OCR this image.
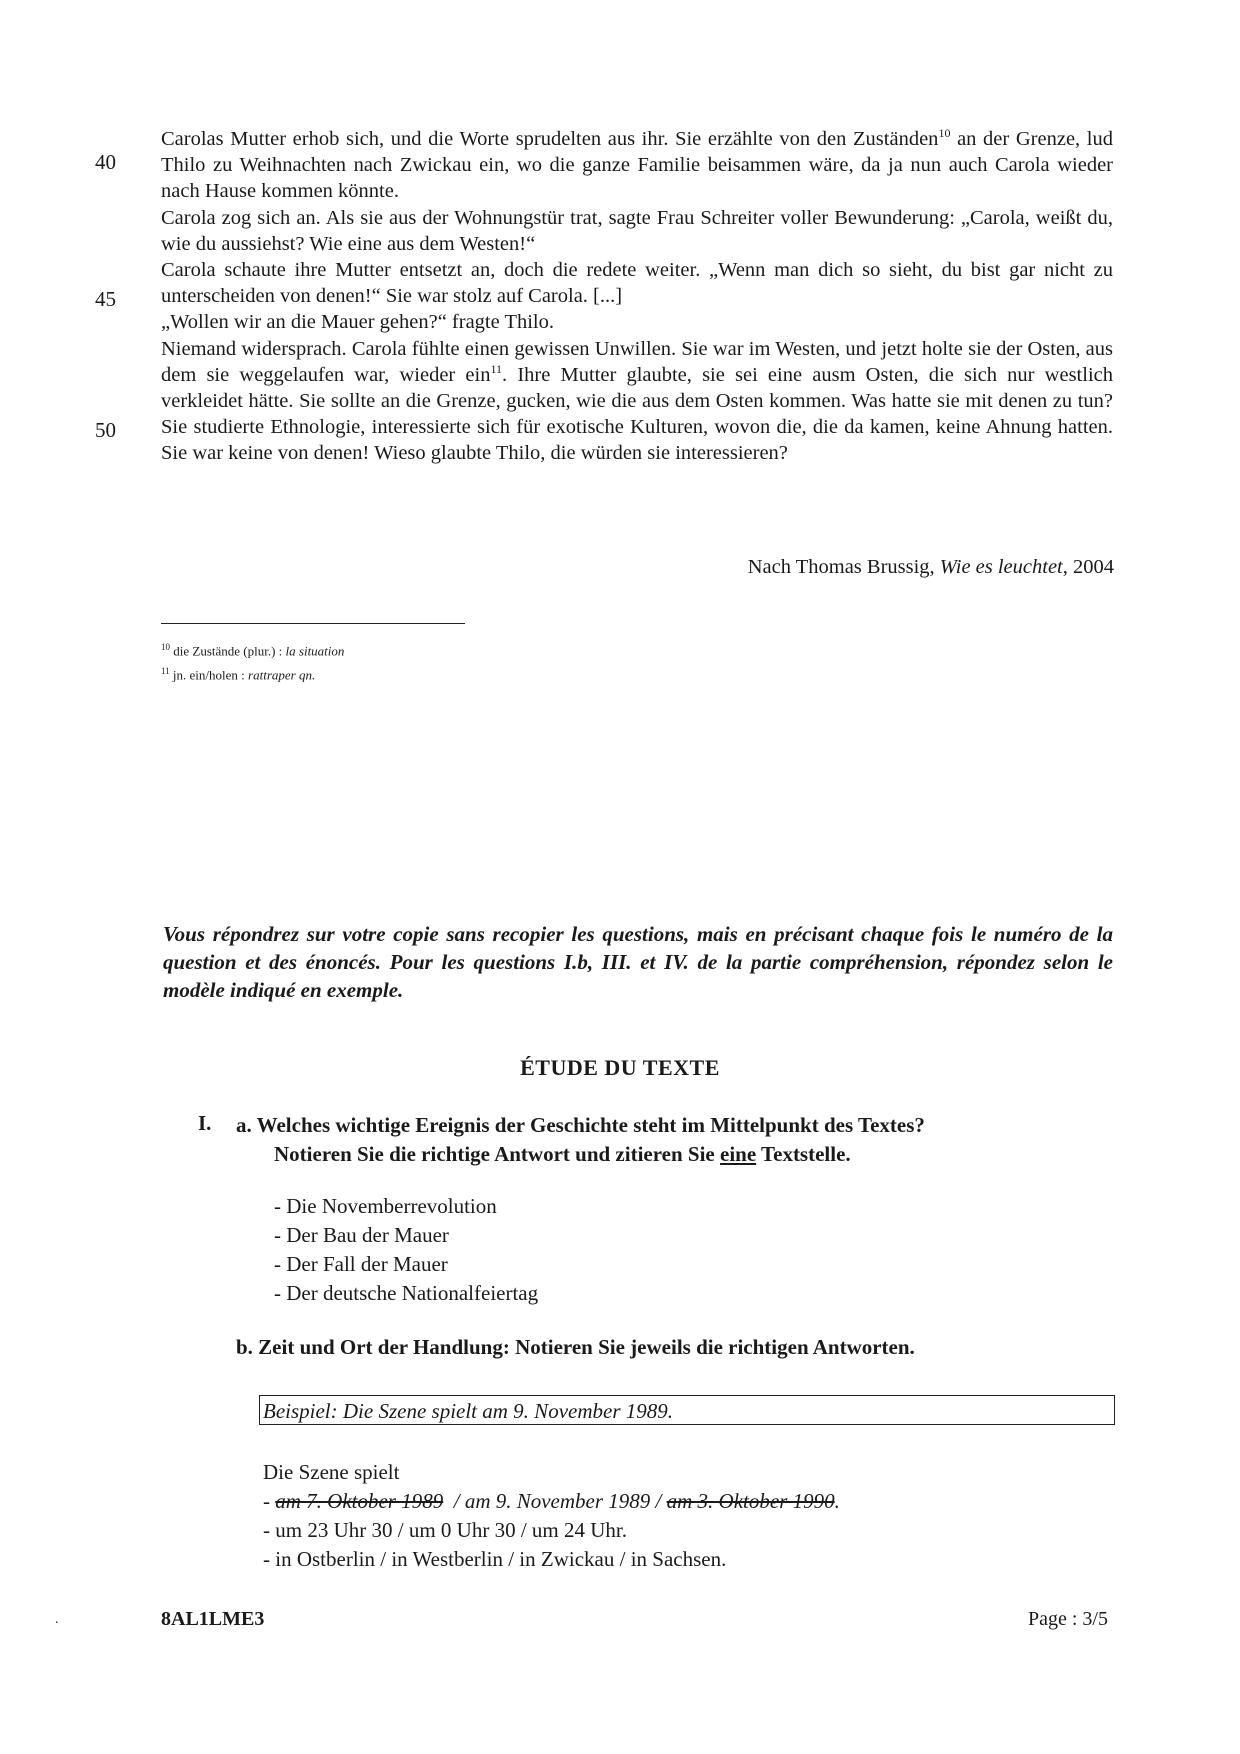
Carolas Mutter erhob sich, und die Worte sprudelten aus ihr. Sie erzählte von den Zuständen$^{10}$ an der Grenze, lud Thilo zu Weihnachten nach Zwickau ein, wo die ganze Familie beisammen wäre, da ja nun auch Carola wieder nach Hause kommen könnte.

Carola zog sich an. Als sie aus der Wohnungstür trat, sagte Frau Schreiter voller Bewunderung: „Carola, weißt du, wie du aussiehst? Wie eine aus dem Westen!“

Carola schaute ihre Mutter entsetzt an, doch die redete weiter. „Wenn man dich so sieht, du bist gar nicht zu unterscheiden von denen!“ Sie war stolz auf Carola. [...]

„Wollen wir an die Mauer gehen?“ fragte Thilo.

Niemand widersprach. Carola fühlte einen gewissen Unwillen. Sie war im Westen, und jetzt holte sie der Osten, aus dem sie weggelaufen war, wieder ein$^{11}$. Ihre Mutter glaubte, sie sei eine ausm Osten, die sich nur westlich verkleidet hätte. Sie sollte an die Grenze, gucken, wie die aus dem Osten kommen. Was hatte sie mit denen zu tun? Sie studierte Ethnologie, interessierte sich für exotische Kulturen, wovon die, die da kamen, keine Ahnung hatten. Sie war keine von denen! Wieso glaubte Thilo, die würden sie interessieren?

40
45
50
Nach Thomas Brussig, Wie es leuchtet, 2004
$^{10}$ die Zustände (plur.) : la situation
$^{11}$ jn. ein/holen : rattraper qn.
Vous répondrez sur votre copie sans recopier les questions, mais en précisant chaque fois le numéro de la question et des énoncés. Pour les questions I.b, III. et IV. de la partie compréhension, répondez selon le modèle indiqué en exemple.
ÉTUDE DU TEXTE
I. a. Welches wichtige Ereignis der Geschichte steht im Mittelpunkt des Textes?
Notieren Sie die richtige Antwort und zitieren Sie eine Textstelle.
- Die Novemberrevolution
- Der Bau der Mauer
- Der Fall der Mauer
- Der deutsche Nationalfeiertag
b. Zeit und Ort der Handlung: Notieren Sie jeweils die richtigen Antworten.
Beispiel: Die Szene spielt am 9. November 1989.
Die Szene spielt
- am 7. Oktober 1989  / am 9. November 1989 / am 3. Oktober 1990.
- um 23 Uhr 30 / um 0 Uhr 30 / um 24 Uhr.
- in Ostberlin / in Westberlin / in Zwickau / in Sachsen.
.	8AL1LME3	Page : 3/5
